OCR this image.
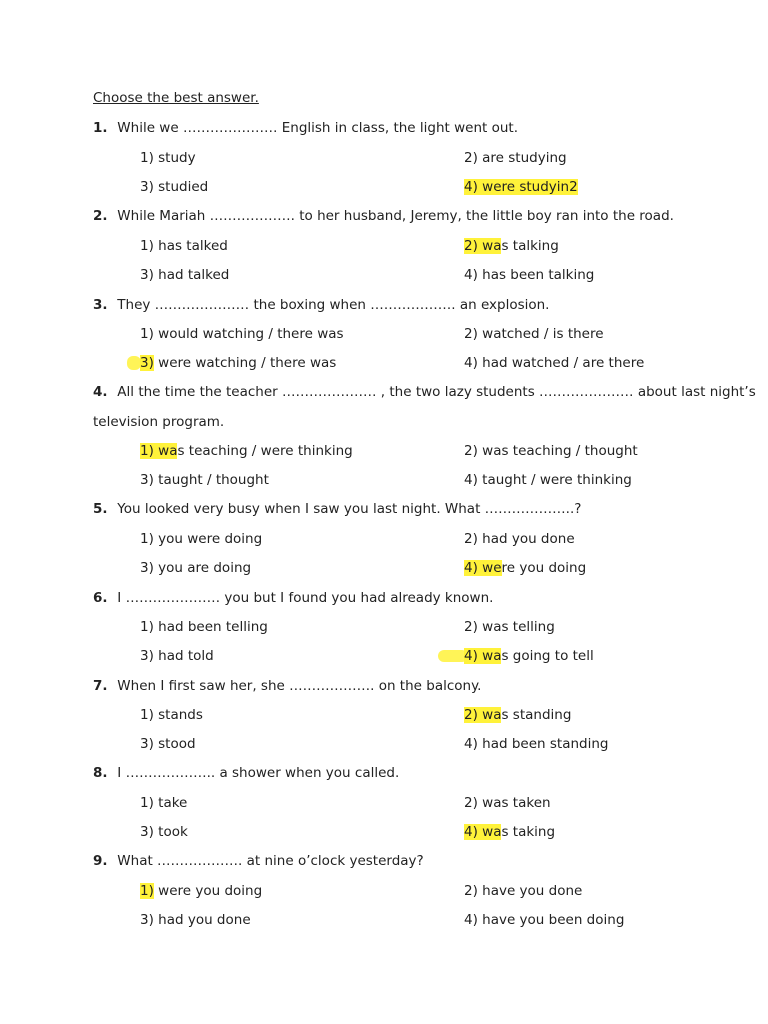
Choose the best answer.
1. While we ………………… English in class, the light went out.
1) study	2) are studying
3) studied	4) were studyin2
2. While Mariah ………………. to her husband, Jeremy, the little boy ran into the road.
1) has talked	2) was talking
3) had talked	4) has been talking
3. They ………………… the boxing when ………………. an explosion.
1) would watching / there was	2) watched / is there
3) were watching / there was	4) had watched / are there
4. All the time the teacher ………………… , the two lazy students ………………… about last night’s
television program.
1) was teaching / were thinking	2) was teaching / thought
3) taught / thought	4) taught / were thinking
5. You looked very busy when I saw you last night. What ………………..?
1) you were doing	2) had you done
3) you are doing	4) were you doing
6. I ………………… you but I found you had already known.
1) had been telling	2) was telling
3) had told	4) was going to tell
7. When I first saw her, she ………………. on the balcony.
1) stands	2) was standing
3) stood	4) had been standing
8. I ……………….. a shower when you called.
1) take	2) was taken
3) took	4) was taking
9. What ………………. at nine o’clock yesterday?
1) were you doing	2) have you done
3) had you done	4) have you been doing
